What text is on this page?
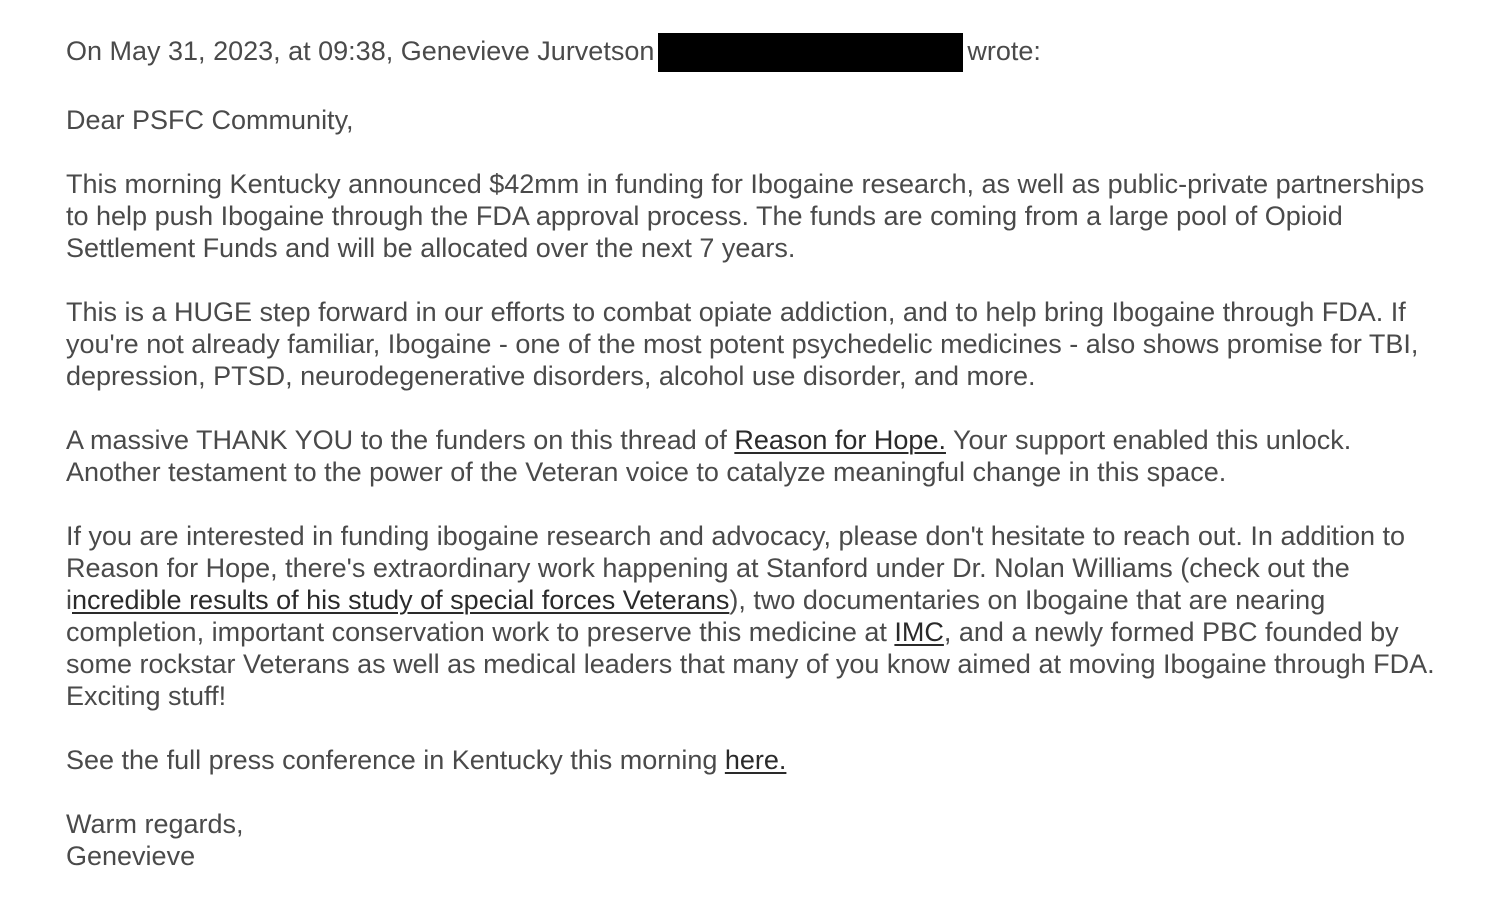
On May 31, 2023, at 09:38, Genevieve Jurvetson	wrote:

Dear PSFC Community,

This morning Kentucky announced $42mm in funding for Ibogaine research, as well as public-private partnerships to help push Ibogaine through the FDA approval process. The funds are coming from a large pool of Opioid Settlement Funds and will be allocated over the next 7 years.

This is a HUGE step forward in our efforts to combat opiate addiction, and to help bring Ibogaine through FDA. If you're not already familiar, Ibogaine - one of the most potent psychedelic medicines - also shows promise for TBI, depression, PTSD, neurodegenerative disorders, alcohol use disorder, and more.

A massive THANK YOU to the funders on this thread of Reason for Hope. Your support enabled this unlock. Another testament to the power of the Veteran voice to catalyze meaningful change in this space.

If you are interested in funding ibogaine research and advocacy, please don't hesitate to reach out. In addition to Reason for Hope, there's extraordinary work happening at Stanford under Dr. Nolan Williams (check out the incredible results of his study of special forces Veterans), two documentaries on Ibogaine that are nearing completion, important conservation work to preserve this medicine at IMC, and a newly formed PBC founded by some rockstar Veterans as well as medical leaders that many of you know aimed at moving Ibogaine through FDA. Exciting stuff!

See the full press conference in Kentucky this morning here.

Warm regards,
Genevieve
